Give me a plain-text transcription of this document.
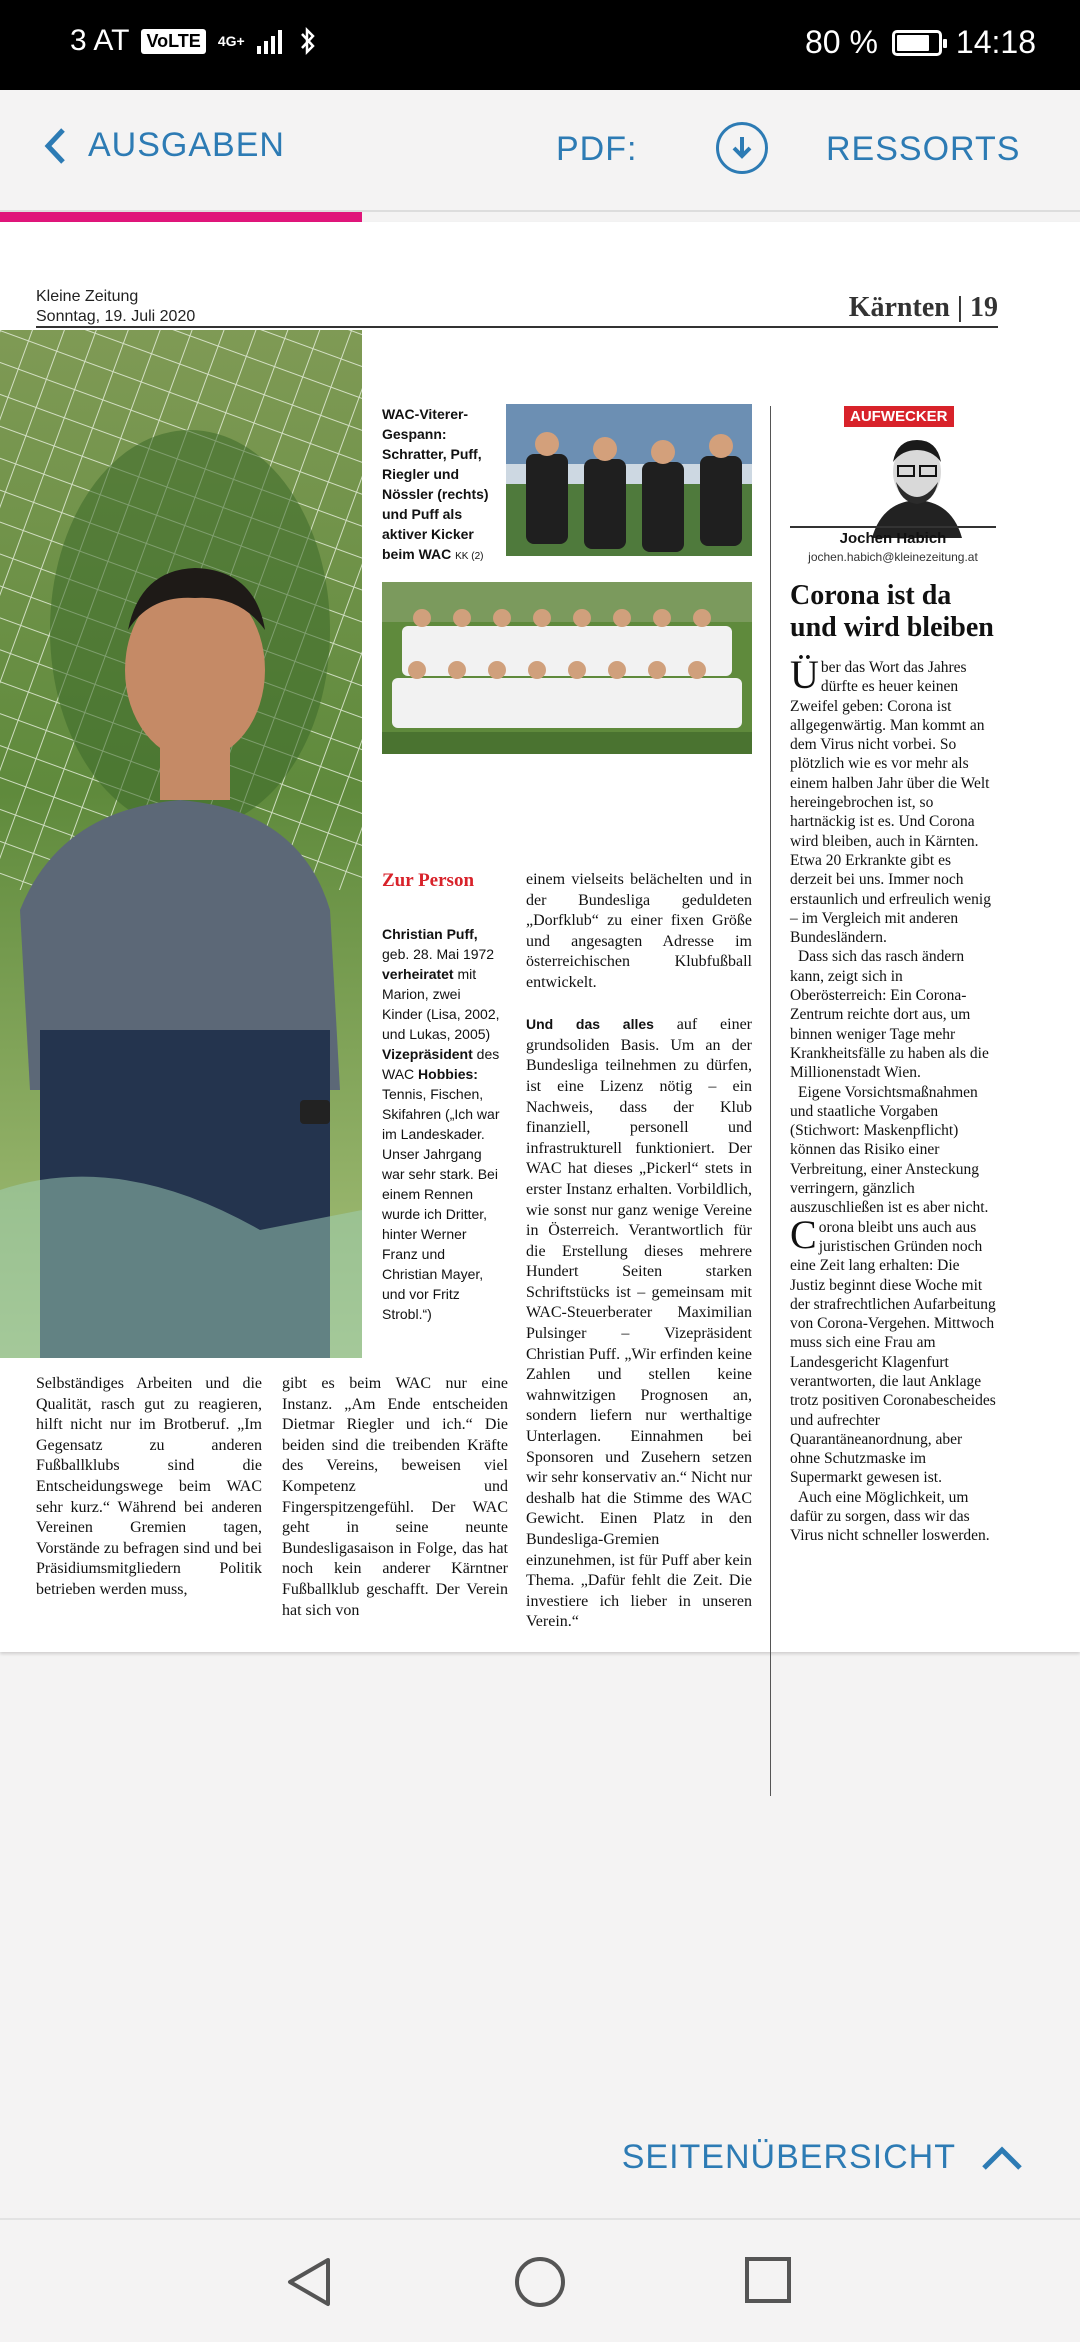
3 AT VoLTE	4G+	80 % 14:18
AUSGABEN	PDF:	RESSORTS
Kleine Zeitung
Sonntag, 19. Juli 2020	Kärnten | 19
WAC-Viterer-Gespann: Schratter, Puff, Riegler und Nössler (rechts) und Puff als aktiver Kicker beim WAC KK (2)
Zur Person
Christian Puff, geb. 28. Mai 1972 verheiratet mit Marion, zwei Kinder (Lisa, 2002, und Lukas, 2005) Vizepräsident des WAC Hobbies: Tennis, Fischen, Skifahren („Ich war im Landeskader. Unser Jahrgang war sehr stark. Bei einem Rennen wurde ich Dritter, hinter Werner Franz und Christian Mayer, und vor Fritz Strobl.“)
Selbständiges Arbeiten und die Qualität, rasch gut zu reagieren, hilft nicht nur im Brotberuf. „Im Gegensatz zu anderen Fußballklubs sind die Entscheidungswege beim WAC sehr kurz.“ Während bei anderen Vereinen Gremien tagen, Vorstände zu befragen sind und bei Präsidiumsmitgliedern Politik betrieben werden muss,
gibt es beim WAC nur eine Instanz. „Am Ende entscheiden Dietmar Riegler und ich.“ Die beiden sind die treibenden Kräfte des Vereins, beweisen viel Kompetenz und Fingerspitzengefühl. Der WAC geht in seine neunte Bundesligasaison in Folge, das hat noch kein anderer Kärntner Fußballklub geschafft. Der Verein hat sich von
einem vielseits belächelten und in der Bundesliga geduldeten „Dorfklub“ zu einer fixen Größe und angesagten Adresse im österreichischen Klubfußball entwickelt.

Und das alles auf einer grundsoliden Basis. Um an der Bundesliga teilnehmen zu dürfen, ist eine Lizenz nötig – ein Nachweis, dass der Klub finanziell, personell und infrastrukturell funktioniert. Der WAC hat dieses „Pickerl“ stets in erster Instanz erhalten. Vorbildlich, wie sonst nur ganz wenige Vereine in Österreich. Verantwortlich für die Erstellung dieses mehrere Hundert Seiten starken Schriftstücks ist – gemeinsam mit WAC-Steuerberater Maximilian Pulsinger – Vizepräsident Christian Puff. „Wir erfinden keine Zahlen und stellen keine wahnwitzigen Prognosen an, sondern liefern nur werthaltige Unterlagen. Einnahmen bei Sponsoren und Zusehern setzen wir sehr konservativ an.“ Nicht nur deshalb hat die Stimme des WAC Gewicht. Einen Platz in den Bundesliga-Gremien einzunehmen, ist für Puff aber kein Thema. „Dafür fehlt die Zeit. Die investiere ich lieber in unseren Verein.“
AUFWECKER
Jochen Habich
jochen.habich@kleinezeitung.at
Corona ist da und wird bleiben

Über das Wort das Jahres dürfte es heuer keinen Zweifel geben: Corona ist allgegenwärtig. Man kommt an dem Virus nicht vorbei. So plötzlich wie es vor mehr als einem halben Jahr über die Welt hereingebrochen ist, so hartnäckig ist es. Und Corona wird bleiben, auch in Kärnten. Etwa 20 Erkrankte gibt es derzeit bei uns. Immer noch erstaunlich und erfreulich wenig – im Vergleich mit anderen Bundesländern.

Dass sich das rasch ändern kann, zeigt sich in Oberösterreich: Ein Corona-Zentrum reichte dort aus, um binnen weniger Tage mehr Krankheitsfälle zu haben als die Millionenstadt Wien.

Eigene Vorsichtsmaßnahmen und staatliche Vorgaben (Stichwort: Maskenpflicht) können das Risiko einer Verbreitung, einer Ansteckung verringern, gänzlich auszuschließen ist es aber nicht.

Corona bleibt uns auch aus juristischen Gründen noch eine Zeit lang erhalten: Die Justiz beginnt diese Woche mit der strafrechtlichen Aufarbeitung von Corona-Vergehen. Mittwoch muss sich eine Frau am Landesgericht Klagenfurt verantworten, die laut Anklage trotz positiven Coronabescheides und aufrechter Quarantäneanordnung, aber ohne Schutzmaske im Supermarkt gewesen ist.

Auch eine Möglichkeit, um dafür zu sorgen, dass wir das Virus nicht schneller loswerden.

SEITENÜBERSICHT
